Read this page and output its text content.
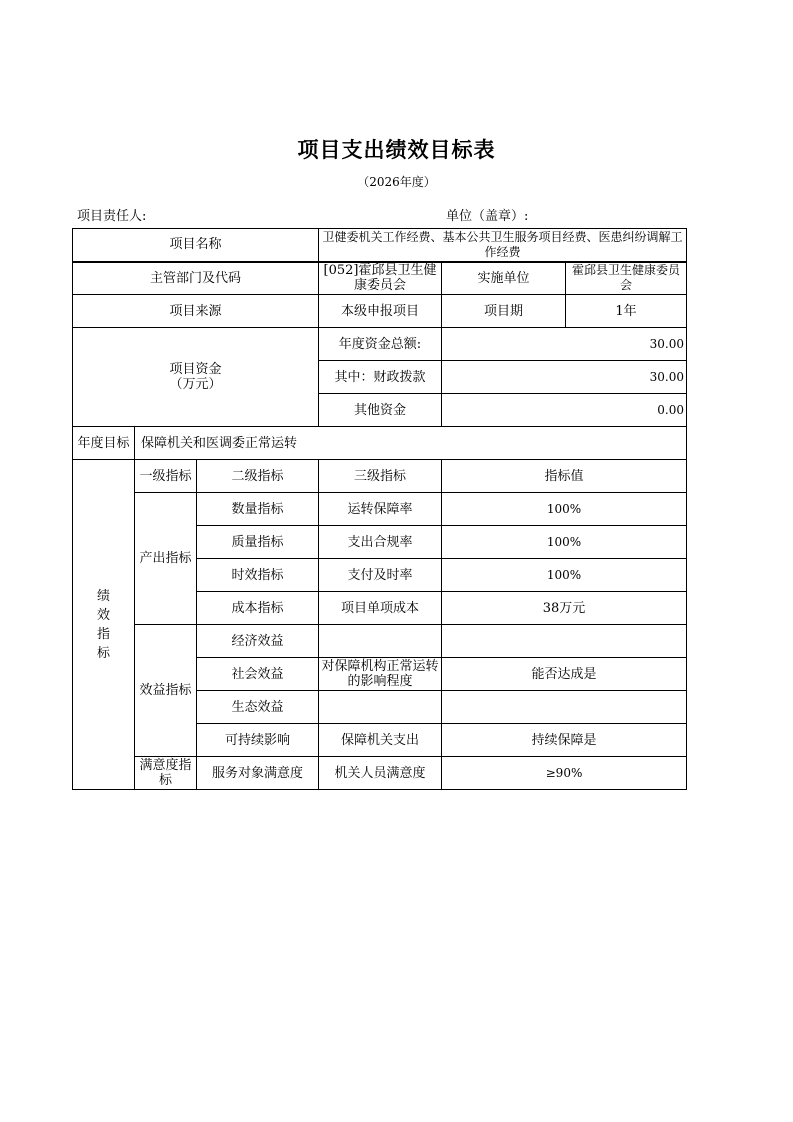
项目支出绩效目标表
（2026年度）
项目责任人:	单位（盖章）:
项目名称			卫健委机关工作经费、基本公共卫生服务项目经费、医患纠纷调解工作经费		
主管部门及代码			[052]霍邱县卫生健康委员会	实施单位	霍邱县卫生健康委员会
项目来源			本级申报项目	项目期	1年

项目资金
（万元）			年度资金总额:	30.00	
			其中：财政拨款	30.00	
			其他资金	0.00	
年度目标	保障机关和医调委正常运转				
绩效指标	一级指标	二级指标	三级指标	指标值	
	产出指标	数量指标	运转保障率	100%	
		质量指标	支出合规率	100%	
		时效指标	支付及时率	100%	
		成本指标	项目单项成本	38万元	
	效益指标	经济效益			
		社会效益	对保障机构正常运转的影响程度	能否达成是	
		生态效益			
		可持续影响	保障机关支出	持续保障是	
	满意度指标	服务对象满意度	机关人员满意度	≥90%	
